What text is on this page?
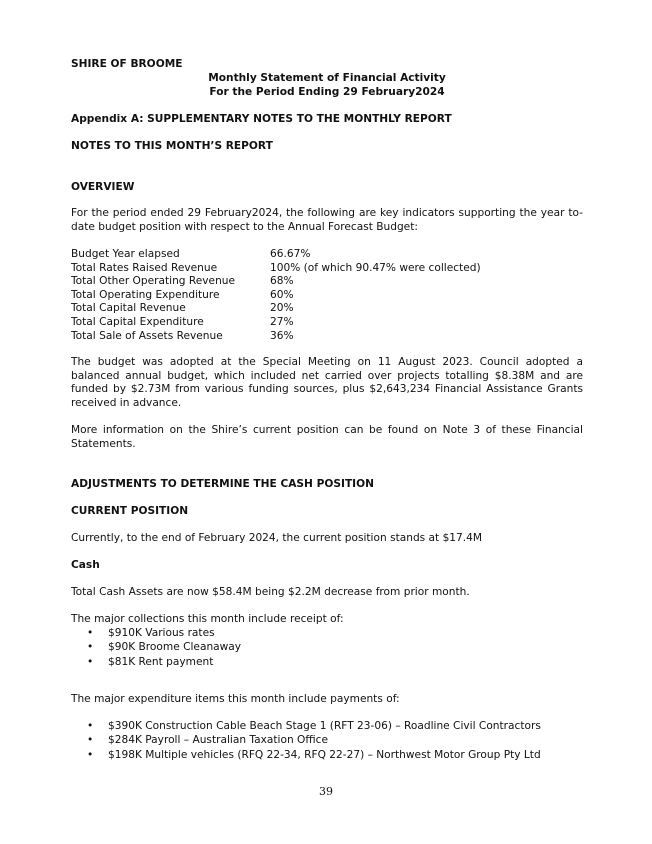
SHIRE OF BROOME
Monthly Statement of Financial Activity
For the Period Ending 29 February2024
Appendix A: SUPPLEMENTARY NOTES TO THE MONTHLY REPORT
NOTES TO THIS MONTH’S REPORT
OVERVIEW
For the period ended 29 February2024, the following are key indicators supporting the year to-date budget position with respect to the Annual Forecast Budget:
Budget Year elapsed	66.67%
Total Rates Raised Revenue	100% (of which 90.47% were collected)
Total Other Operating Revenue	68%
Total Operating Expenditure	60%
Total Capital Revenue	20%
Total Capital Expenditure	27%
Total Sale of Assets Revenue	36%
The budget was adopted at the Special Meeting on 11 August 2023. Council adopted a balanced annual budget, which included net carried over projects totalling $8.38M and are funded by $2.73M from various funding sources, plus $2,643,234 Financial Assistance Grants received in advance.
More information on the Shire’s current position can be found on Note 3 of these Financial Statements.
ADJUSTMENTS TO DETERMINE THE CASH POSITION
CURRENT POSITION
Currently, to the end of February 2024, the current position stands at $17.4M
Cash
Total Cash Assets are now $58.4M being $2.2M decrease from prior month.
The major collections this month include receipt of:
• $910K Various rates
• $90K Broome Cleanaway
• $81K Rent payment
The major expenditure items this month include payments of:
• $390K Construction Cable Beach Stage 1 (RFT 23-06) – Roadline Civil Contractors
• $284K Payroll – Australian Taxation Office
• $198K Multiple vehicles (RFQ 22-34, RFQ 22-27) – Northwest Motor Group Pty Ltd
39
